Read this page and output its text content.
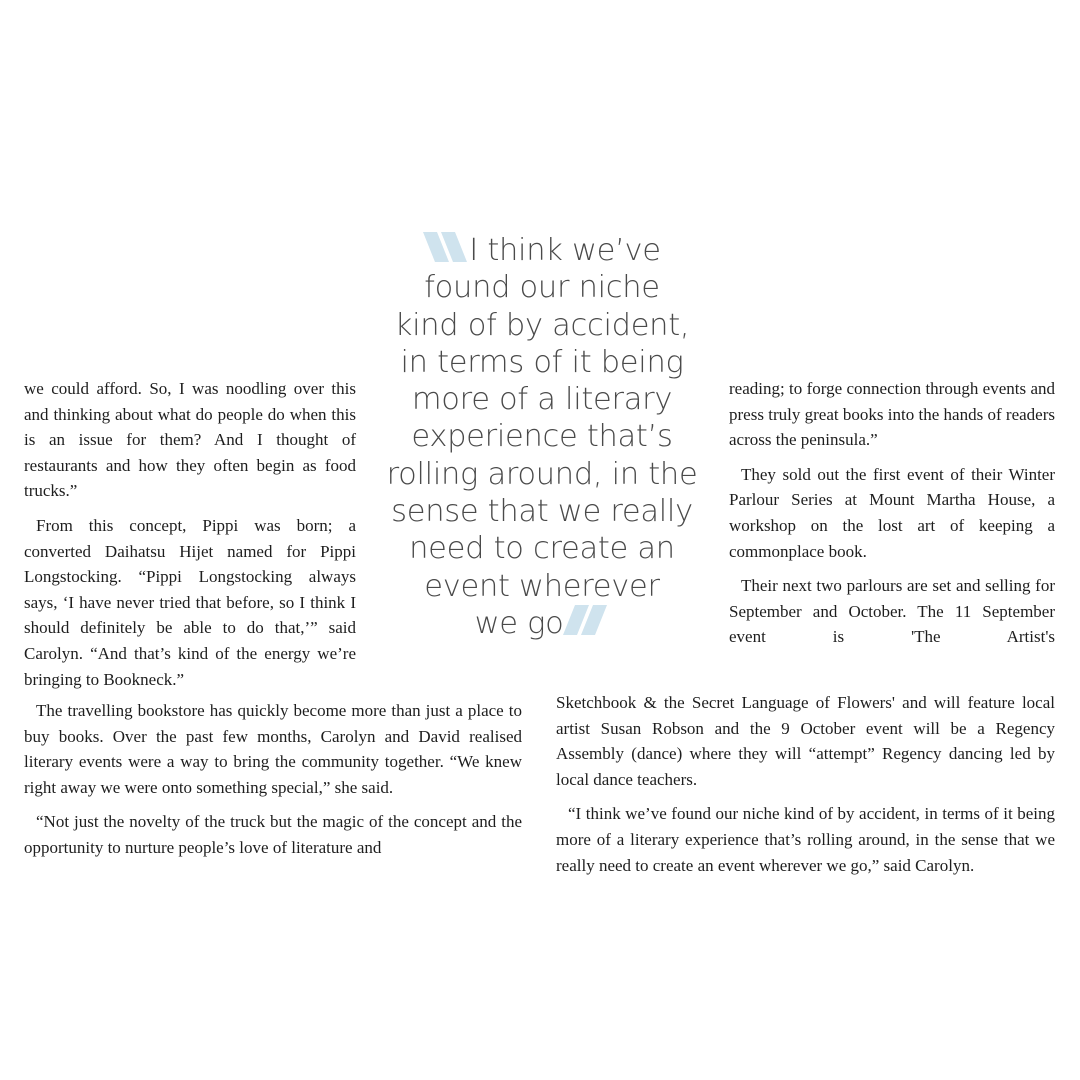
I think we’ve
found our niche
kind of by accident,
in terms of it being
more of a literary
experience that’s
rolling around, in the
sense that we really
need to create an
event wherever
we go

we could afford. So, I was noodling over this and thinking about what do people do when this is an issue for them? And I thought of restaurants and how they often begin as food trucks.”

From this concept, Pippi was born; a converted Daihatsu Hijet named for Pippi Longstocking. “Pippi Longstocking always says, ‘I have never tried that before, so I think I should definitely be able to do that,’” said Carolyn. “And that’s kind of the energy we’re bringing to Bookneck.”

The travelling bookstore has quickly become more than just a place to buy books. Over the past few months, Carolyn and David realised literary events were a way to bring the community together. “We knew right away we were onto something special,” she said.

“Not just the novelty of the truck but the magic of the concept and the opportunity to nurture people’s love of literature and

reading; to forge connection through events and press truly great books into the hands of readers across the peninsula.”

They sold out the first event of their Winter Parlour Series at Mount Martha House, a workshop on the lost art of keeping a commonplace book.

Their next two parlours are set and selling for September and October. The 11 September event is 'The Artist's

Sketchbook & the Secret Language of Flowers' and will feature local artist Susan Robson and the 9 October event will be a Regency Assembly (dance) where they will “attempt” Regency dancing led by local dance teachers.

“I think we’ve found our niche kind of by accident, in terms of it being more of a literary experience that’s rolling around, in the sense that we really need to create an event wherever we go,” said Carolyn.
